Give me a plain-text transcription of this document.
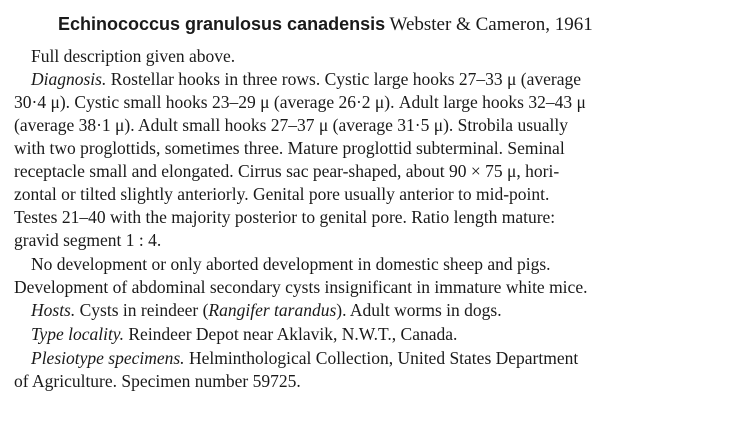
Echinococcus granulosus canadensis Webster & Cameron, 1961
Full description given above.
Diagnosis. Rostellar hooks in three rows. Cystic large hooks 27–33 μ (average
30·4 μ). Cystic small hooks 23–29 μ (average 26·2 μ). Adult large hooks 32–43 μ
(average 38·1 μ). Adult small hooks 27–37 μ (average 31·5 μ). Strobila usually
with two proglottids, sometimes three. Mature proglottid subterminal. Seminal
receptacle small and elongated. Cirrus sac pear-shaped, about 90 × 75 μ, hori-
zontal or tilted slightly anteriorly. Genital pore usually anterior to mid-point.
Testes 21–40 with the majority posterior to genital pore. Ratio length mature:
gravid segment 1 : 4.
No development or only aborted development in domestic sheep and pigs.
Development of abdominal secondary cysts insignificant in immature white mice.
Hosts. Cysts in reindeer (Rangifer tarandus). Adult worms in dogs.
Type locality. Reindeer Depot near Aklavik, N.W.T., Canada.
Plesiotype specimens. Helminthological Collection, United States Department
of Agriculture. Specimen number 59725.
